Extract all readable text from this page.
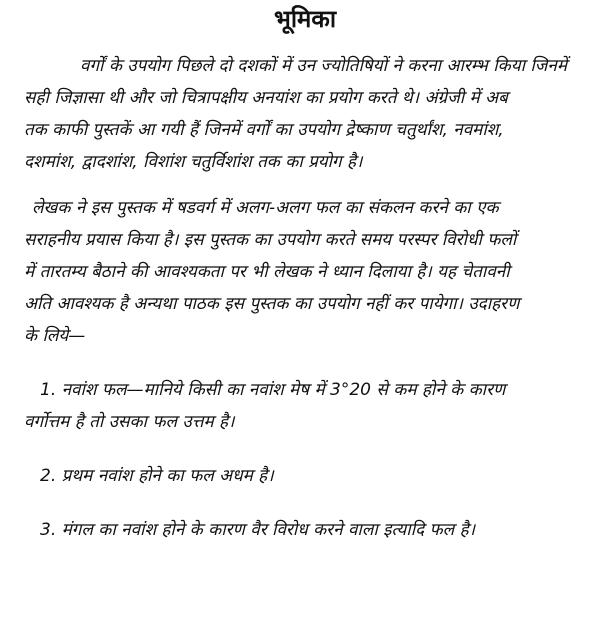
भूमिका

वर्गों के उपयोग पिछले दो दशकों में उन ज्योतिषियों ने करना आरम्भ किया जिनमें
सही जिज्ञासा थी और जो चित्रापक्षीय अनयांश का प्रयोग करते थे। अंग्रेजी में अब
तक काफी पुस्तकें आ गयी हैं जिनमें वर्गों का उपयोग द्रेष्काण चतुर्थांश, नवमांश,
दशमांश, द्वादशांश, विशांश चतुर्विशांश तक का प्रयोग है।

लेखक ने इस पुस्तक में षडवर्ग में अलग-अलग फल का संकलन करने का एक
सराहनीय प्रयास किया है। इस पुस्तक का उपयोग करते समय परस्पर विरोधी फलों
में तारतम्य बैठाने की आवश्यकता पर भी लेखक ने ध्यान दिलाया है। यह चेतावनी
अति आवश्यक है अन्यथा पाठक इस पुस्तक का उपयोग नहीं कर पायेगा। उदाहरण
के लिये—

1. नवांश फल—मानिये किसी का नवांश मेष में 3°20 से कम होने के कारण
वर्गोत्तम है तो उसका फल उत्तम है।
2. प्रथम नवांश होने का फल अधम है।
3. मंगल का नवांश होने के कारण वैर विरोध करने वाला इत्यादि फल है।
